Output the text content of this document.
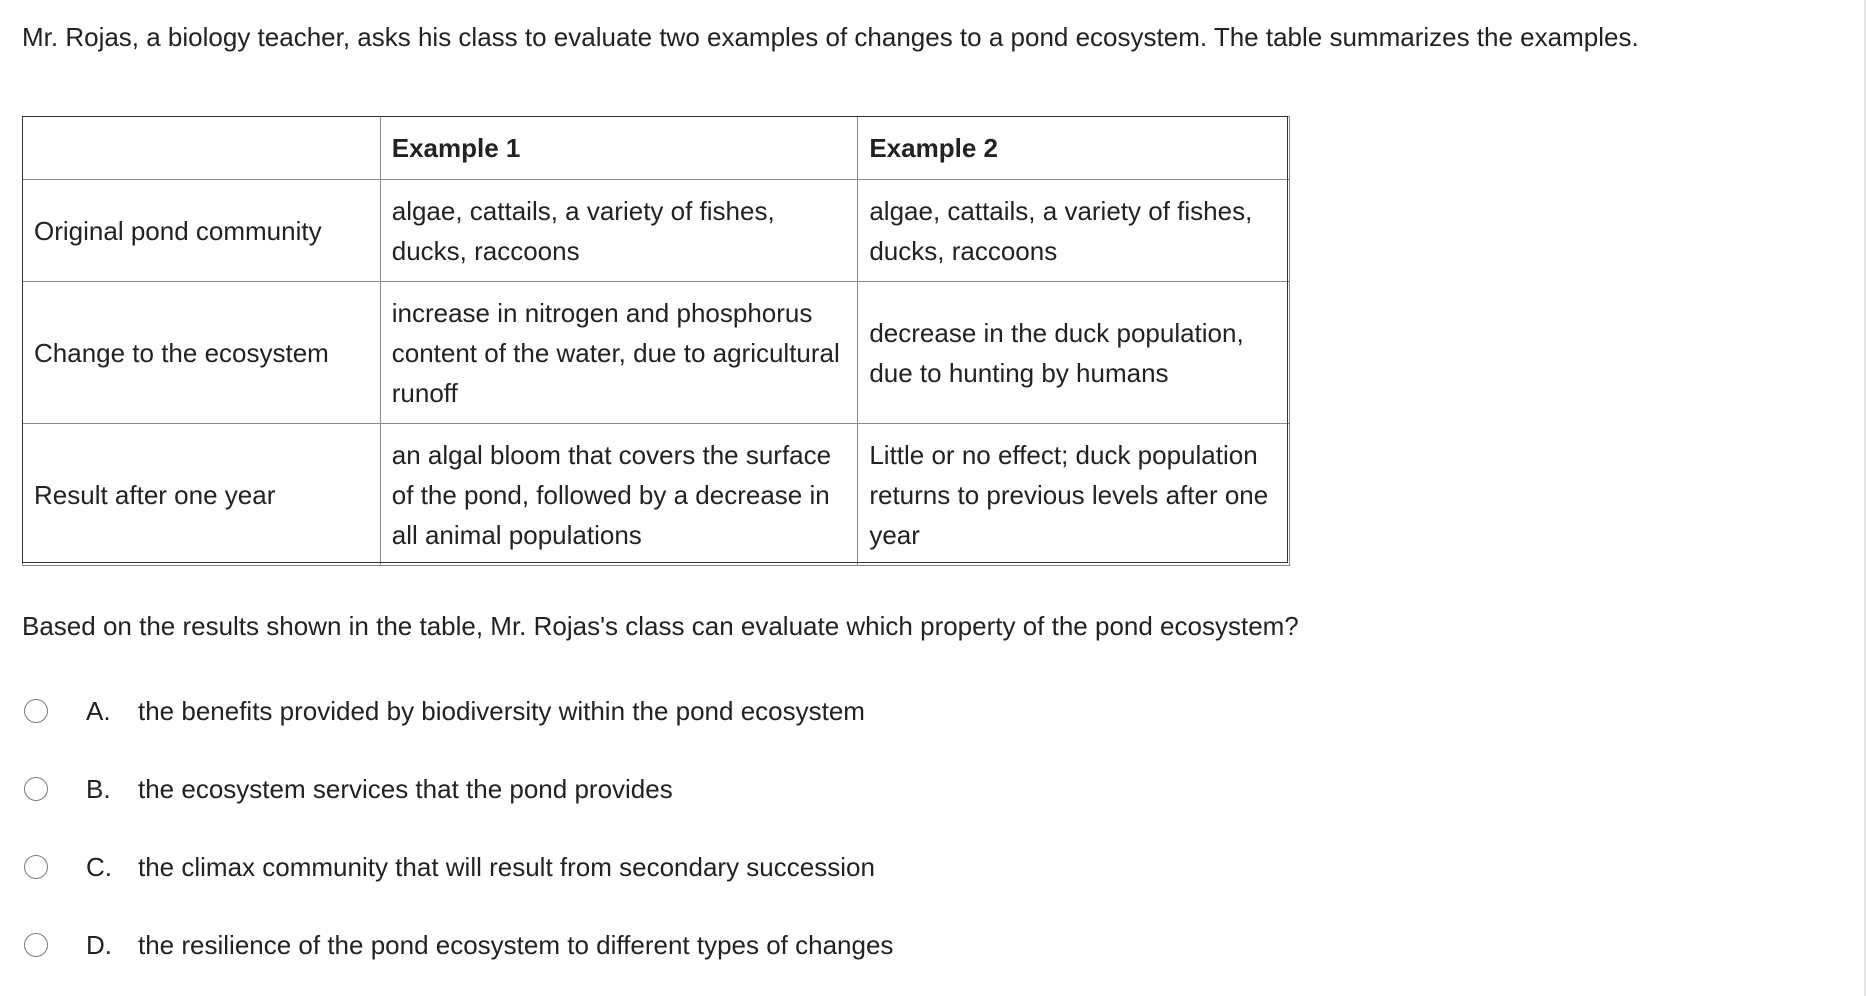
Mr. Rojas, a biology teacher, asks his class to evaluate two examples of changes to a pond ecosystem. The table summarizes the examples.

	Example 1	Example 2
Original pond community	algae, cattails, a variety of fishes, ducks, raccoons	algae, cattails, a variety of fishes, ducks, raccoons
Change to the ecosystem	increase in nitrogen and phosphorus content of the water, due to agricultural runoff	decrease in the duck population, due to hunting by humans
Result after one year	an algal bloom that covers the surface of the pond, followed by a decrease in all animal populations	Little or no effect; duck population returns to previous levels after one year

Based on the results shown in the table, Mr. Rojas's class can evaluate which property of the pond ecosystem?

A.	the benefits provided by biodiversity within the pond ecosystem
B.	the ecosystem services that the pond provides
C.	the climax community that will result from secondary succession
D.	the resilience of the pond ecosystem to different types of changes
